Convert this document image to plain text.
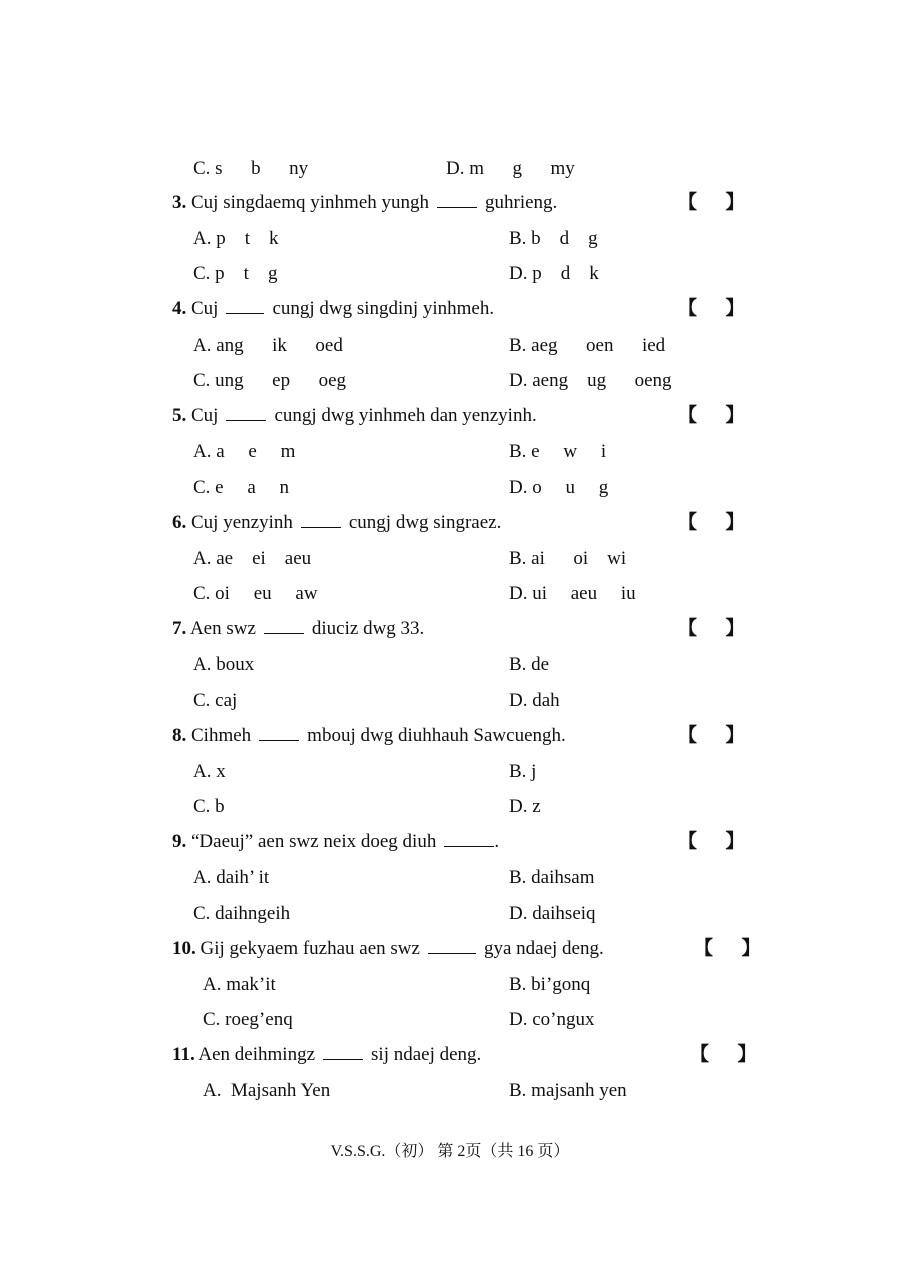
C. s      b      ny	D. m      g      my
3. Cuj singdaemq yinhmeh yungh	guhrieng.	【      】
A. p    t    k	B. b    d    g
C. p    t    g	D. p    d    k
4. Cuj	cungj dwg singdinj yinhmeh.	【      】
A. ang      ik      oed	B. aeg      oen      ied
C. ung      ep      oeg	D. aeng    ug      oeng
5. Cuj	cungj dwg yinhmeh dan yenzyinh.	【      】
A. a     e     m	B. e     w     i
C. e     a     n	D. o     u     g
6. Cuj yenzyinh	cungj dwg singraez.	【      】
A. ae    ei    aeu	B. ai      oi    wi
C. oi     eu     aw	D. ui     aeu     iu
7. Aen swz	diuciz dwg 33.	【      】
A. boux	B. de
C. caj	D. dah
8. Cihmeh	mbouj dwg diuhhauh Sawcuengh.	【      】
A. x	B. j
C. b	D. z
9. “Daeuj” aen swz neix doeg diuh	.	【      】
A. daih’ it	B. daihsam
C. daihngeih	D. daihseiq
10. Gij gekyaem fuzhau aen swz	gya ndaej deng.	【      】
A. mak’it	B. bi’gonq
C. roeg’enq	D. co’ngux
11. Aen deihmingz	sij ndaej deng.	【      】
A.  Majsanh Yen	B. majsanh yen
V.S.S.G.（初） 第 2页（共 16 页）
